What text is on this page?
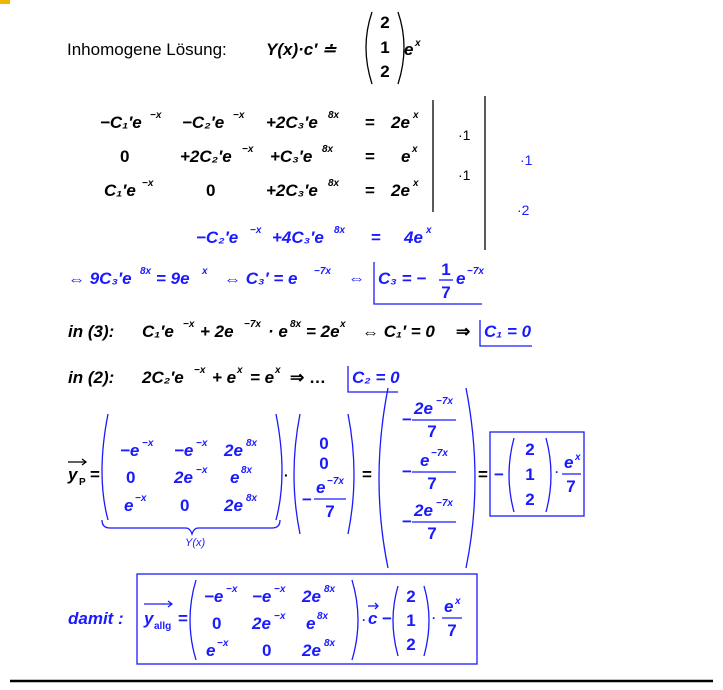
Inhomogene Lösung: Y(x)·c′ ≐
2
1
2
e x
−C₁′e −x −C₂′e −x +2C₃′e 8x = 2e x
0	+2C₂′e −x +C₃′e 8x = e x
C₁′e −x	0	+2C₃′e 8x = 2e x
·1
·1
·1
·2
−C₂′e −x +4C₃′e 8x = 4e x
⇔ 9C₃′e 8x = 9e x ⇔ C₃′ = e −7x ⇔ C₃ = − 1
7
e −7x
in (3): C₁′e −x + 2e −7x · e 8x = 2e x ⇔ C₁′ = 0 ⇒ C₁ = 0
in (2): 2C₂′e −x + e x = e x ⇒ … C₂ = 0
y P =
−e −x −e −x 2e 8x
0 2e −x e 8x
e −x 0 2e 8x
Y(x)
·
0
0
−
e −7x
7
=
−
2e −7x
7
−
e −7x
7
−
2e −7x
7
= −
2
1
2
· e x
7
damit : y allg =
−e −x −e −x 2e 8x
0 2e −x e 8x
e −x 0 2e 8x
· c −
2
1
2
·
e x
7
